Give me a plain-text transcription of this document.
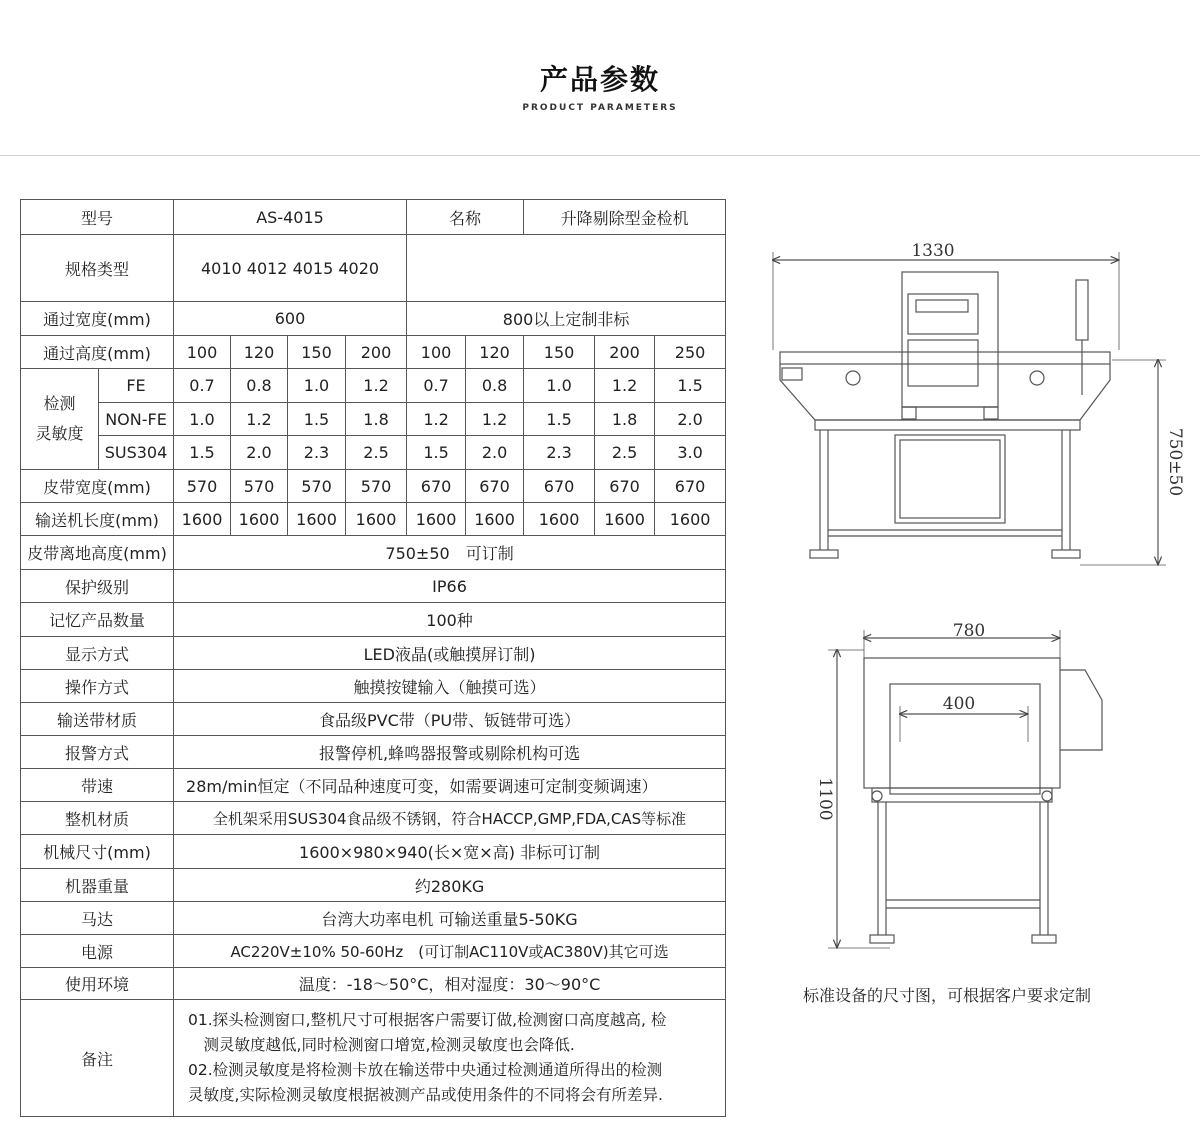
产品参数
PRODUCT PARAMETERS
型号		AS-4015				名称		升降剔除型金检机		
规格类型		4010 4012 4015 4020								
通过宽度(mm)		600				800以上定制非标				
通过高度(mm)		100	120	150	200	100	120	150	200	250

检测
灵敏度	FE	0.7	0.8	1.0	1.2	0.7	0.8	1.0	1.2	1.5
	NON-FE	1.0	1.2	1.5	1.8	1.2	1.2	1.5	1.8	2.0
	SUS304	1.5	2.0	2.3	2.5	1.5	2.0	2.3	2.5	3.0
皮带宽度(mm)		570	570	570	570	670	670	670	670	670
输送机长度(mm)		1600	1600	1600	1600	1600	1600	1600	1600	1600
皮带离地高度(mm)		750±50　可订制								
保护级别		IP66								
记忆产品数量		100种								
显示方式		LED液晶(或触摸屏订制)								
操作方式		触摸按键输入（触摸可选）								
输送带材质		食品级PVC带（PU带、钣链带可选）								
报警方式		报警停机,蜂鸣器报警或剔除机构可选								
带速		28m/min恒定（不同品种速度可变，如需要调速可定制变频调速）								
整机材质		全机架采用SUS304食品级不锈钢，符合HACCP,GMP,FDA,CAS等标准								
机械尺寸(mm)		1600×980×940(长×宽×高) 非标可订制								
机器重量		约280KG								
马达		台湾大功率电机 可输送重量5-50KG								
电源		AC220V±10% 50-60Hz　(可订制AC110V或AC380V)其它可选								
使用环境		温度：-18～50°C，相对湿度：30～90°C								
备注		01.探头检测窗口,整机尺寸可根据客户需要订做,检测窗口高度越高, 检
测灵敏度越低,同时检测窗口增宽,检测灵敏度也会降低.
02.检测灵敏度是将检测卡放在输送带中央通过检测通道所得出的检测
灵敏度,实际检测灵敏度根据被测产品或使用条件的不同将会有所差异.								
1330
750±50
780
400
1100
标准设备的尺寸图，可根据客户要求定制
